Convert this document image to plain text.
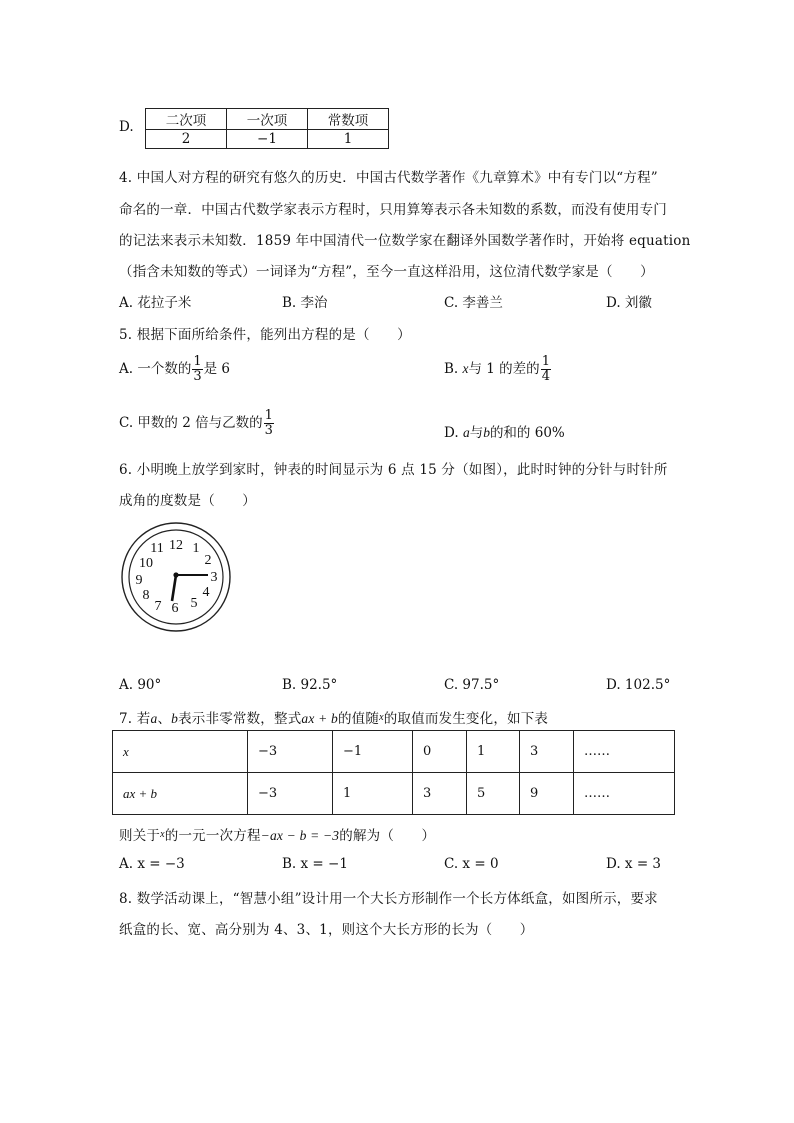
D. 二次项	一次项	常数项
2	−1	1
4. 中国人对方程的研究有悠久的历史．中国古代数学著作《九章算术》中有专门以“方程”
命名的一章．中国古代数学家表示方程时，只用算筹表示各未知数的系数，而没有使用专门
的记法来表示未知数．1859 年中国清代一位数学家在翻译外国数学著作时，开始将 equation
（指含未知数的等式）一词译为“方程”，至今一直这样沿用，这位清代数学家是（　　）
A. 花拉子米	B. 李治	C. 李善兰	D. 刘徽
5. 根据下面所给条件，能列出方程的是（　　）
A. 一个数的 $\frac{1}{3}$ 是 6	B. x与 1 的差的 $\frac{1}{4}$
C. 甲数的 2 倍与乙数的 $\frac{1}{3}$	D. a与b的和的 60%
6. 小明晚上放学到家时，钟表的时间显示为 6 点 15 分（如图），此时时钟的分针与时针所
成角的度数是（　　）
12 1
2
3
4
5
6
7
8
9
10
11
A. 90°	B. 92.5°	C. 97.5°	D. 102.5°
7. 若a、b表示非零常数，整式ax + b的值随$^x$的取值而发生变化，如下表
x	−3	−1	0	1	3	……
ax + b	−3	1	3	5	9	……
则关于$^x$的一元一次方程−ax − b = −3的解为（　　）
A. x = −3	B. x = −1	C. x = 0	D. x = 3
8. 数学活动课上，“智慧小组”设计用一个大长方形制作一个长方体纸盒，如图所示，要求
纸盒的长、宽、高分别为 4、3、1，则这个大长方形的长为（　　）
